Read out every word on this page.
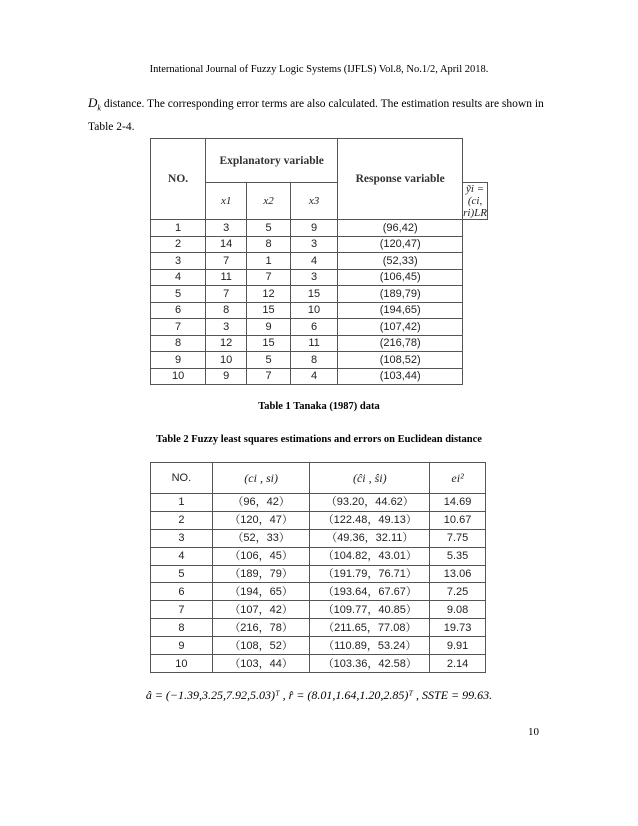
International Journal of Fuzzy Logic Systems (IJFLS) Vol.8, No.1/2, April 2018.
$D_k$ distance. The corresponding error terms are also calculated. The estimation results are shown in Table 2-4.
NO.	Explanatory variable			Response variable	
	x1	x2	x3		ỹi = (ci, ri)LR
1	3	5	9	(96,42)	
2	14	8	3	(120,47)	
3	7	1	4	(52,33)	
4	11	7	3	(106,45)	
5	7	12	15	(189,79)	
6	8	15	10	(194,65)	
7	3	9	6	(107,42)	
8	12	15	11	(216,78)	
9	10	5	8	(108,52)	
10	9	7	4	(103,44)	
Table 1 Tanaka (1987) data
Table 2 Fuzzy least squares estimations and errors on Euclidean distance
NO.	(ci , si)	(ĉi , ŝi)	ei²
1	（96，42）	（93.20，44.62）	14.69
2	（120，47）	（122.48，49.13）	10.67
3	（52，33）	（49.36，32.11）	7.75
4	（106，45）	（104.82，43.01）	5.35
5	（189，79）	（191.79，76.71）	13.06
6	（194，65）	（193.64，67.67）	7.25
7	（107，42）	（109.77，40.85）	9.08
8	（216，78）	（211.65，77.08）	19.73
9	（108，52）	（110.89，53.24）	9.91
10	（103，44）	（103.36，42.58）	2.14
â = (−1.39,3.25,7.92,5.03)ᵀ , r̂ = (8.01,1.64,1.20,2.85)ᵀ , SSTE = 99.63.
10
